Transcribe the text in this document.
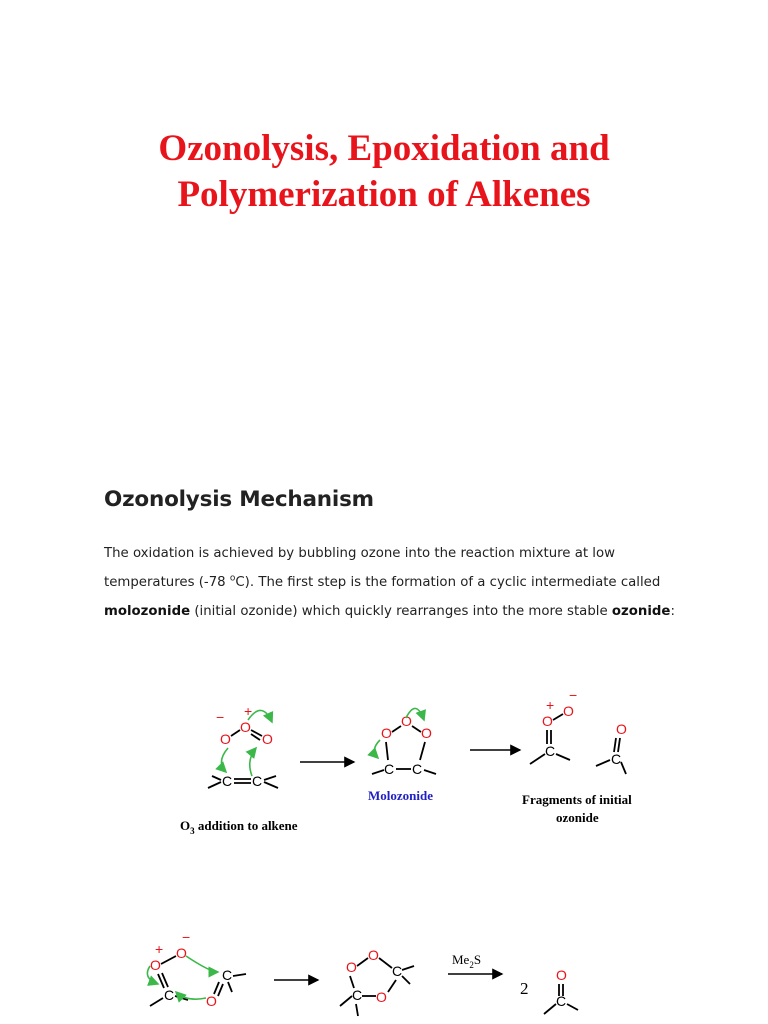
Ozonolysis, Epoxidation and
Polymerization of Alkenes
Ozonolysis Mechanism
The oxidation is achieved by bubbling ozone into the reaction mixture at low
temperatures (-78 $^o$C). The first step is the formation of a cyclic intermediate called
molozonide (initial ozonide) which quickly rearranges into the more stable ozonide:
O
O
O
− +
C C
O
O
O
C C
Molozonide
O
O
+
−
C
O
C
Fragments of initial
ozonide
$O_3$ addition to alkene
O
O
+
−
C
C
O
O
O
O
C
C
$Me_2S$
2
O
C
